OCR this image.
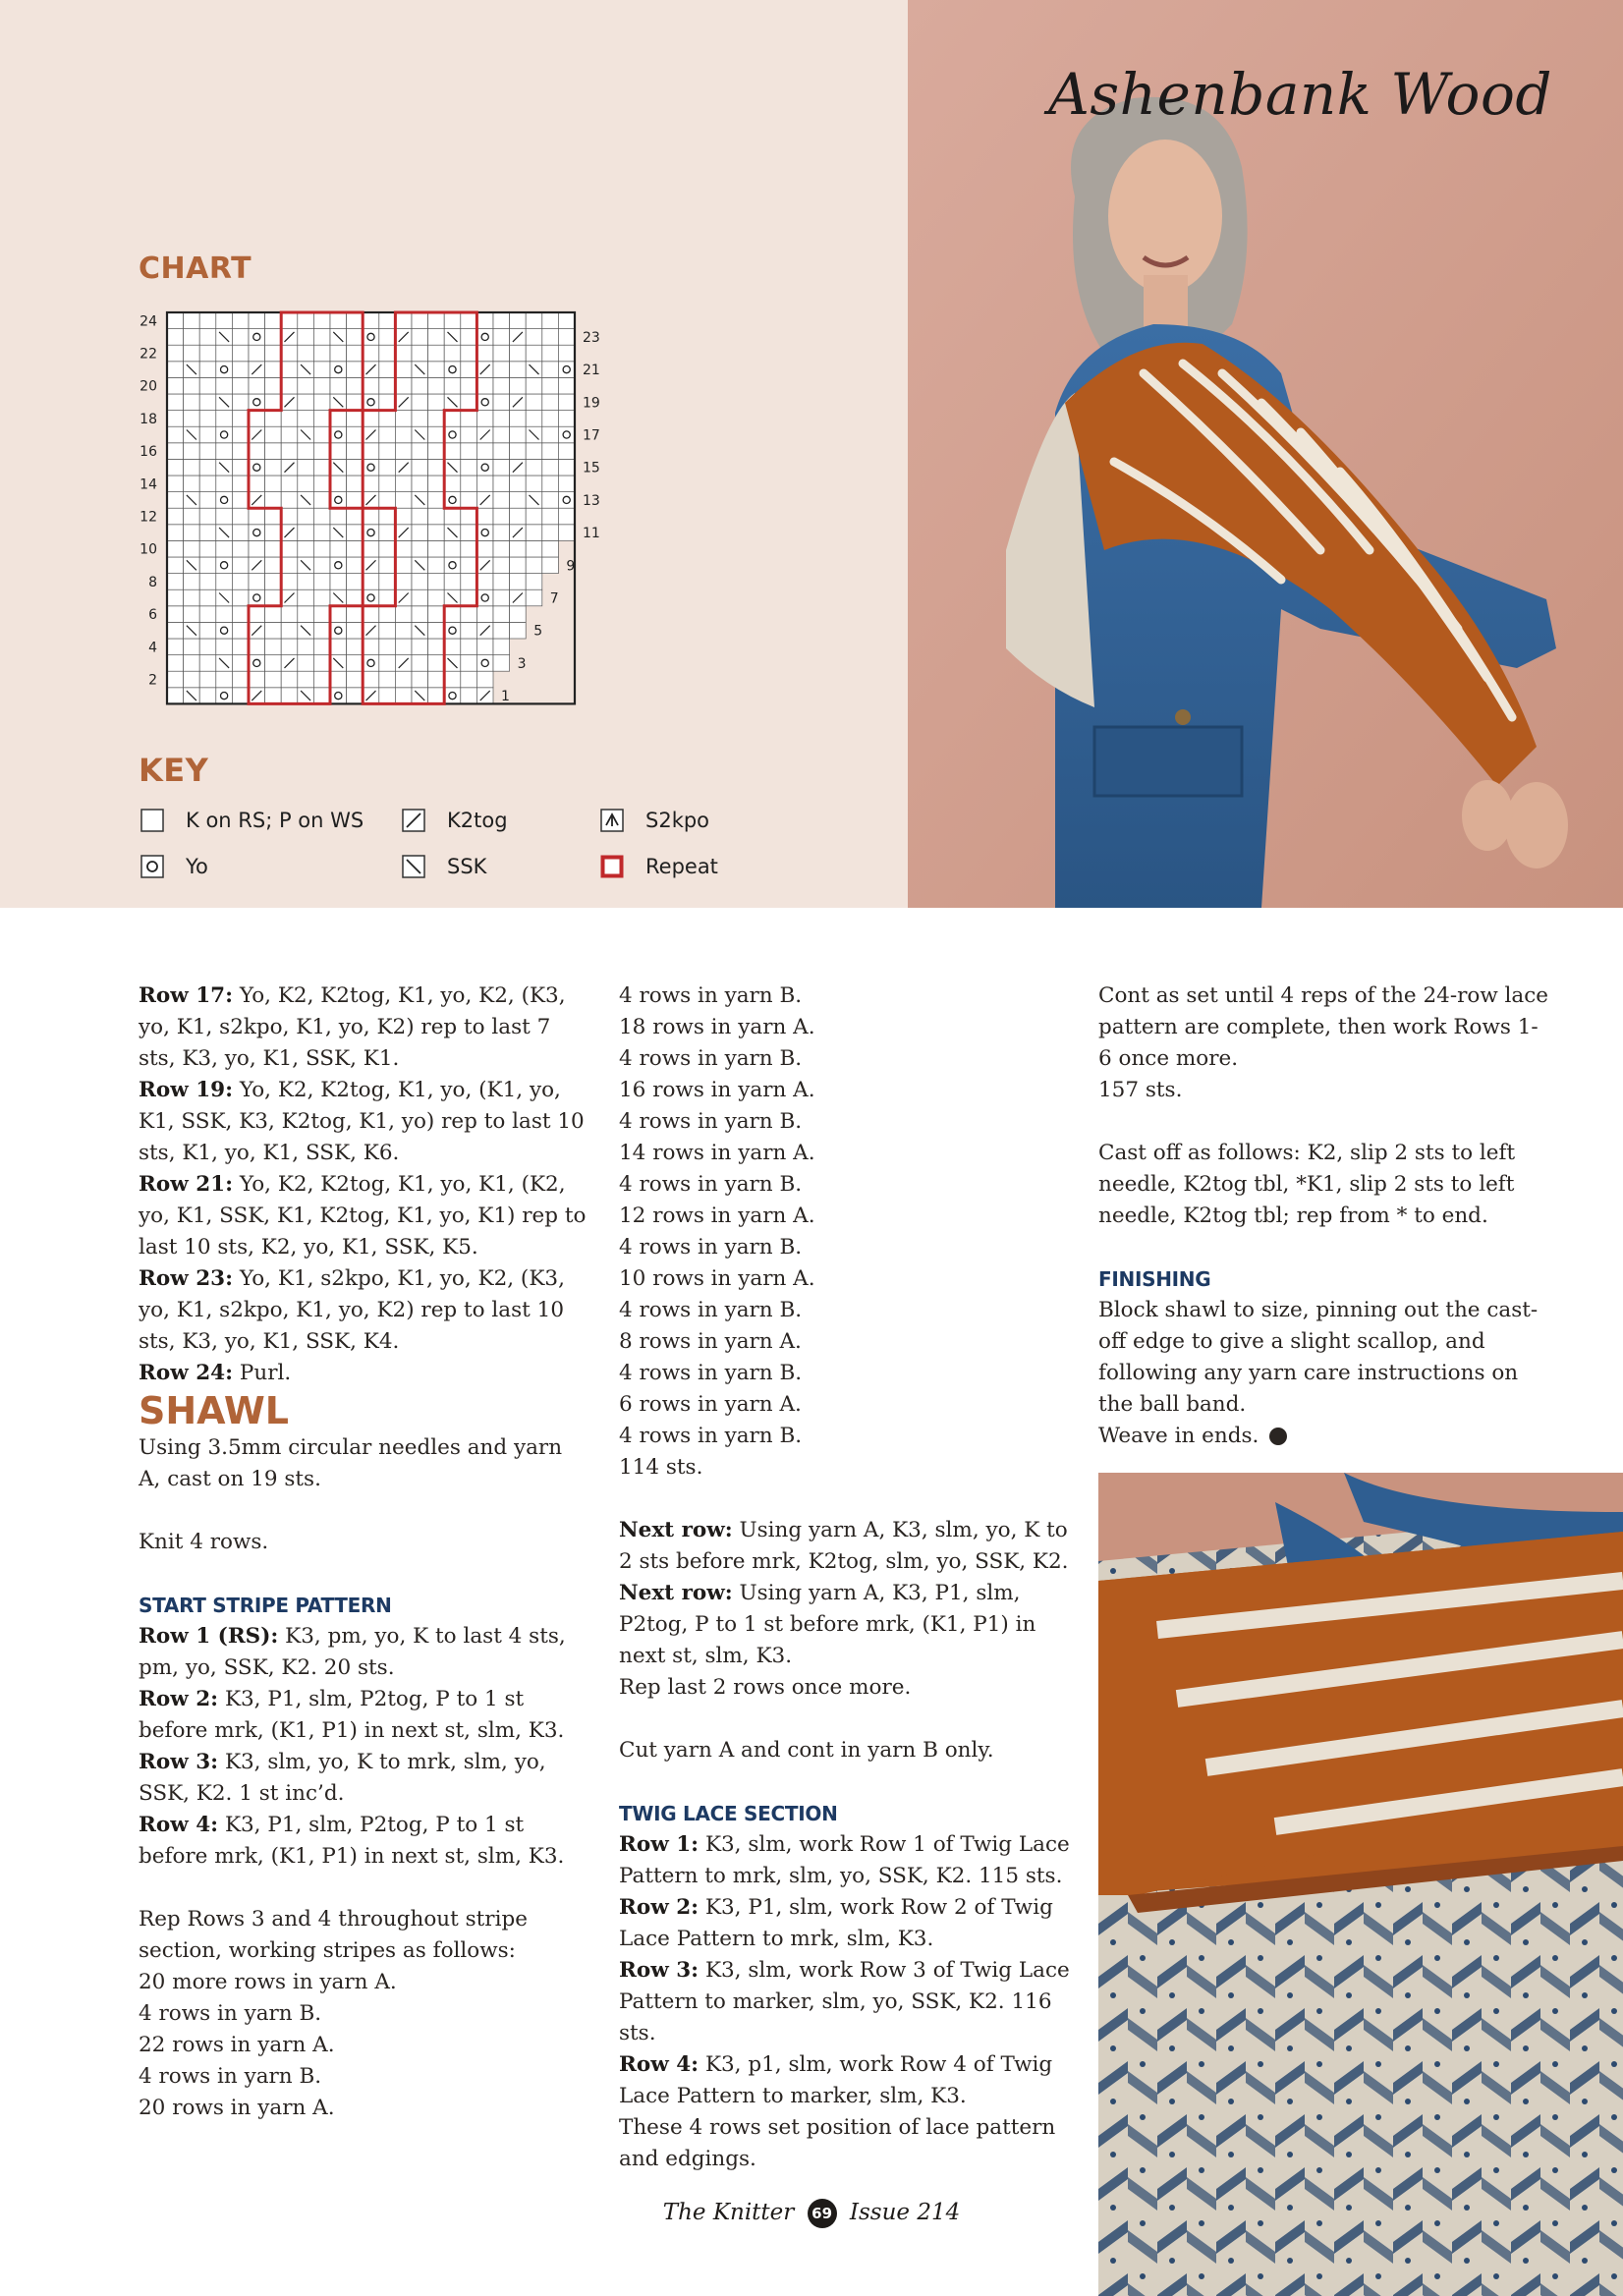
Ashenbank Wood
CHART
24
22
20
18
16
14
12
10
8
6
4
2
23
21
19
17
15
13
11
9
7
5
3
1
KEY
K on RS; P on WS
Yo
K2tog
SSK
S2kpo
Repeat

Row 17: Yo, K2, K2tog, K1, yo, K2, (K3, yo, K1, s2kpo, K1, yo, K2) rep to last 7 sts, K3, yo, K1, SSK, K1.

Row 19: Yo, K2, K2tog, K1, yo, (K1, yo, K1, SSK, K3, K2tog, K1, yo) rep to last 10 sts, K1, yo, K1, SSK, K6.

Row 21: Yo, K2, K2tog, K1, yo, K1, (K2, yo, K1, SSK, K1, K2tog, K1, yo, K1) rep to last 10 sts, K2, yo, K1, SSK, K5.

Row 23: Yo, K1, s2kpo, K1, yo, K2, (K3, yo, K1, s2kpo, K1, yo, K2) rep to last 10 sts, K3, yo, K1, SSK, K4.

Row 24: Purl.

SHAWL

Using 3.5mm circular needles and yarn A, cast on 19 sts.

Knit 4 rows.

START STRIPE PATTERN

Row 1 (RS): K3, pm, yo, K to last 4 sts, pm, yo, SSK, K2. 20 sts.

Row 2: K3, P1, slm, P2tog, P to 1 st before mrk, (K1, P1) in next st, slm, K3.

Row 3: K3, slm, yo, K to mrk, slm, yo, SSK, K2. 1 st inc’d.

Row 4: K3, P1, slm, P2tog, P to 1 st before mrk, (K1, P1) in next st, slm, K3.

Rep Rows 3 and 4 throughout stripe section, working stripes as follows:

20 more rows in yarn A.

4 rows in yarn B.

22 rows in yarn A.

4 rows in yarn B.

20 rows in yarn A.

4 rows in yarn B.

18 rows in yarn A.

4 rows in yarn B.

16 rows in yarn A.

4 rows in yarn B.

14 rows in yarn A.

4 rows in yarn B.

12 rows in yarn A.

4 rows in yarn B.

10 rows in yarn A.

4 rows in yarn B.

8 rows in yarn A.

4 rows in yarn B.

6 rows in yarn A.

4 rows in yarn B.

114 sts.

Next row: Using yarn A, K3, slm, yo, K to 2 sts before mrk, K2tog, slm, yo, SSK, K2.

Next row: Using yarn A, K3, P1, slm, P2tog, P to 1 st before mrk, (K1, P1) in next st, slm, K3.

Rep last 2 rows once more.

Cut yarn A and cont in yarn B only.

TWIG LACE SECTION

Row 1: K3, slm, work Row 1 of Twig Lace Pattern to mrk, slm, yo, SSK, K2. 115 sts.

Row 2: K3, P1, slm, work Row 2 of Twig Lace Pattern to mrk, slm, K3.

Row 3: K3, slm, work Row 3 of Twig Lace Pattern to marker, slm, yo, SSK, K2. 116 sts.

Row 4: K3, p1, slm, work Row 4 of Twig Lace Pattern to marker, slm, K3.

These 4 rows set position of lace pattern and edgings.

Cont as set until 4 reps of the 24-row lace pattern are complete, then work Rows 1-6 once more.

157 sts.

Cast off as follows: K2, slip 2 sts to left needle, K2tog tbl, *K1, slip 2 sts to left needle, K2tog tbl; rep from * to end.

FINISHING

Block shawl to size, pinning out the cast-off edge to give a slight scallop, and following any yarn care instructions on the ball band.

Weave in ends.

The Knitter 69 Issue 214
